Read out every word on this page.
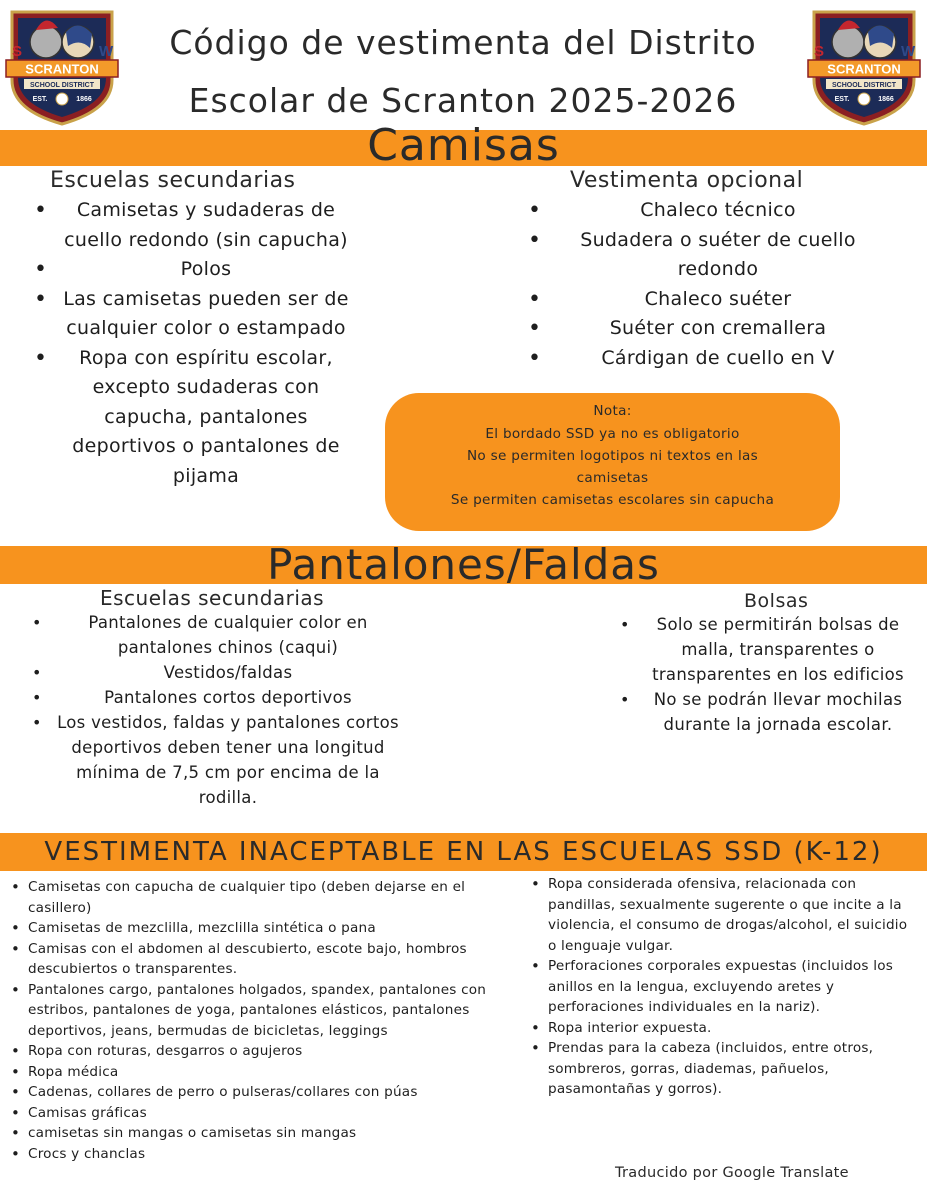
S	W
SCRANTON
SCHOOL DISTRICT
EST.	1866
S	W
SCRANTON
SCHOOL DISTRICT
EST.	1866
Código de vestimenta del Distrito
Escolar de Scranton 2025-2026
Camisas
Escuelas secundarias
• Camisetas y sudaderas de cuello redondo (sin capucha)
• Polos
• Las camisetas pueden ser de cualquier color o estampado
• Ropa con espíritu escolar, excepto sudaderas con capucha, pantalones deportivos o pantalones de pijama
Vestimenta opcional
• Chaleco técnico
• Sudadera o suéter de cuello redondo
• Chaleco suéter
• Suéter con cremallera
• Cárdigan de cuello en V

Nota:

El bordado SSD ya no es obligatorio

No se permiten logotipos ni textos en las

camisetas

Se permiten camisetas escolares sin capucha

Pantalones/Faldas
Escuelas secundarias
• Pantalones de cualquier color en pantalones chinos (caqui)
• Vestidos/faldas
• Pantalones cortos deportivos
• Los vestidos, faldas y pantalones cortos deportivos deben tener una longitud mínima de 7,5 cm por encima de la rodilla.
Bolsas
• Solo se permitirán bolsas de malla, transparentes o transparentes en los edificios
• No se podrán llevar mochilas durante la jornada escolar.
VESTIMENTA INACEPTABLE EN LAS ESCUELAS SSD (K-12)
• Camisetas con capucha de cualquier tipo (deben dejarse en el casillero)
• Camisetas de mezclilla, mezclilla sintética o pana
• Camisas con el abdomen al descubierto, escote bajo, hombros descubiertos o transparentes.
• Pantalones cargo, pantalones holgados, spandex, pantalones con estribos, pantalones de yoga, pantalones elásticos, pantalones deportivos, jeans, bermudas de bicicletas, leggings
• Ropa con roturas, desgarros o agujeros
• Ropa médica
• Cadenas, collares de perro o pulseras/collares con púas
• Camisas gráficas
• camisetas sin mangas o camisetas sin mangas
• Crocs y chanclas
• Ropa considerada ofensiva, relacionada con pandillas, sexualmente sugerente o que incite a la violencia, el consumo de drogas/alcohol, el suicidio o lenguaje vulgar.
• Perforaciones corporales expuestas (incluidos los anillos en la lengua, excluyendo aretes y perforaciones individuales en la nariz).
• Ropa interior expuesta.
• Prendas para la cabeza (incluidos, entre otros, sombreros, gorras, diademas, pañuelos, pasamontañas y gorros).

Traducido por Google Translate
